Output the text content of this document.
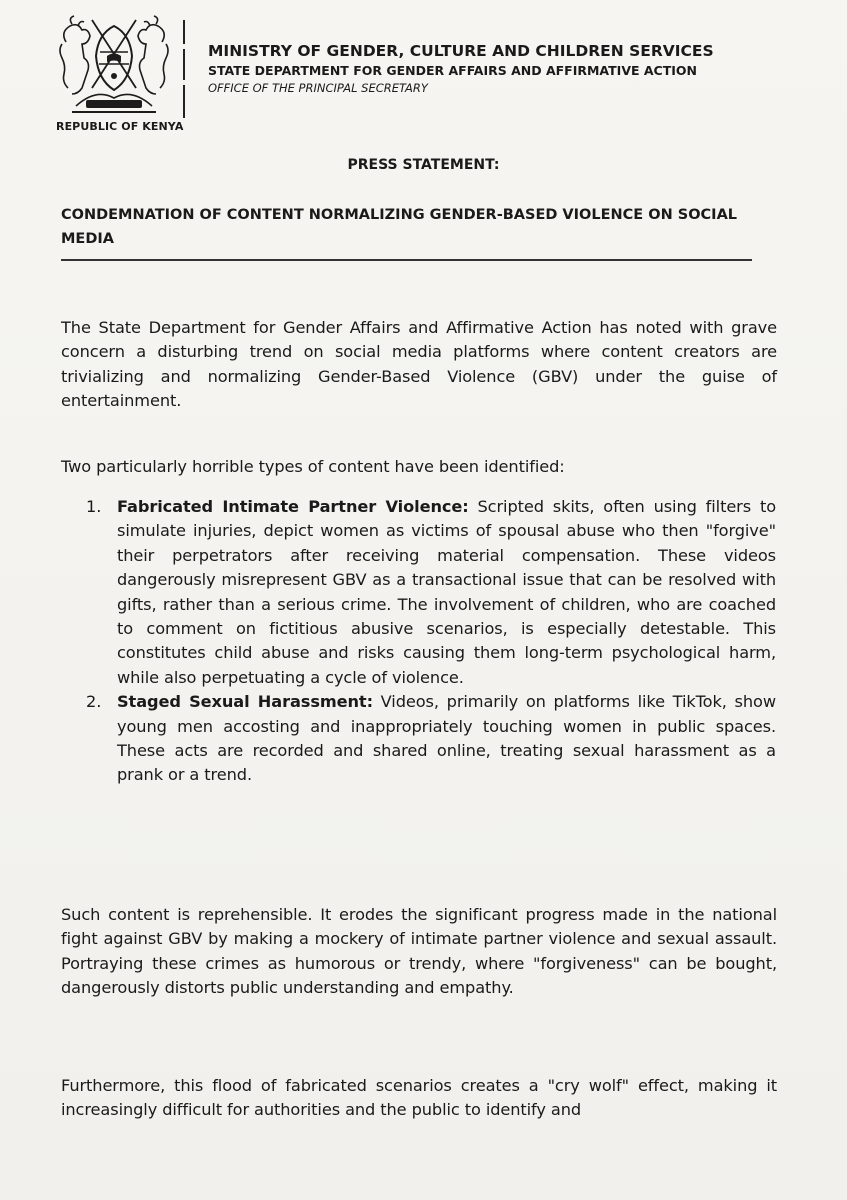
REPUBLIC OF KENYA
MINISTRY OF GENDER, CULTURE AND CHILDREN SERVICES
STATE DEPARTMENT FOR GENDER AFFAIRS AND AFFIRMATIVE ACTION
OFFICE OF THE PRINCIPAL SECRETARY
PRESS STATEMENT:
CONDEMNATION OF CONTENT NORMALIZING GENDER-BASED VIOLENCE ON SOCIAL MEDIA
The State Department for Gender Affairs and Affirmative Action has noted with grave concern a disturbing trend on social media platforms where content creators are trivializing and normalizing Gender-Based Violence (GBV) under the guise of entertainment.
Two particularly horrible types of content have been identified:
1. Fabricated Intimate Partner Violence: Scripted skits, often using filters to simulate injuries, depict women as victims of spousal abuse who then "forgive" their perpetrators after receiving material compensation. These videos dangerously misrepresent GBV as a transactional issue that can be resolved with gifts, rather than a serious crime. The involvement of children, who are coached to comment on fictitious abusive scenarios, is especially detestable. This constitutes child abuse and risks causing them long-term psychological harm, while also perpetuating a cycle of violence.
2. Staged Sexual Harassment: Videos, primarily on platforms like TikTok, show young men accosting and inappropriately touching women in public spaces. These acts are recorded and shared online, treating sexual harassment as a prank or a trend.
Such content is reprehensible. It erodes the significant progress made in the national fight against GBV by making a mockery of intimate partner violence and sexual assault. Portraying these crimes as humorous or trendy, where "forgiveness" can be bought, dangerously distorts public understanding and empathy.
Furthermore, this flood of fabricated scenarios creates a "cry wolf" effect, making it increasingly difficult for authorities and the public to identify and
